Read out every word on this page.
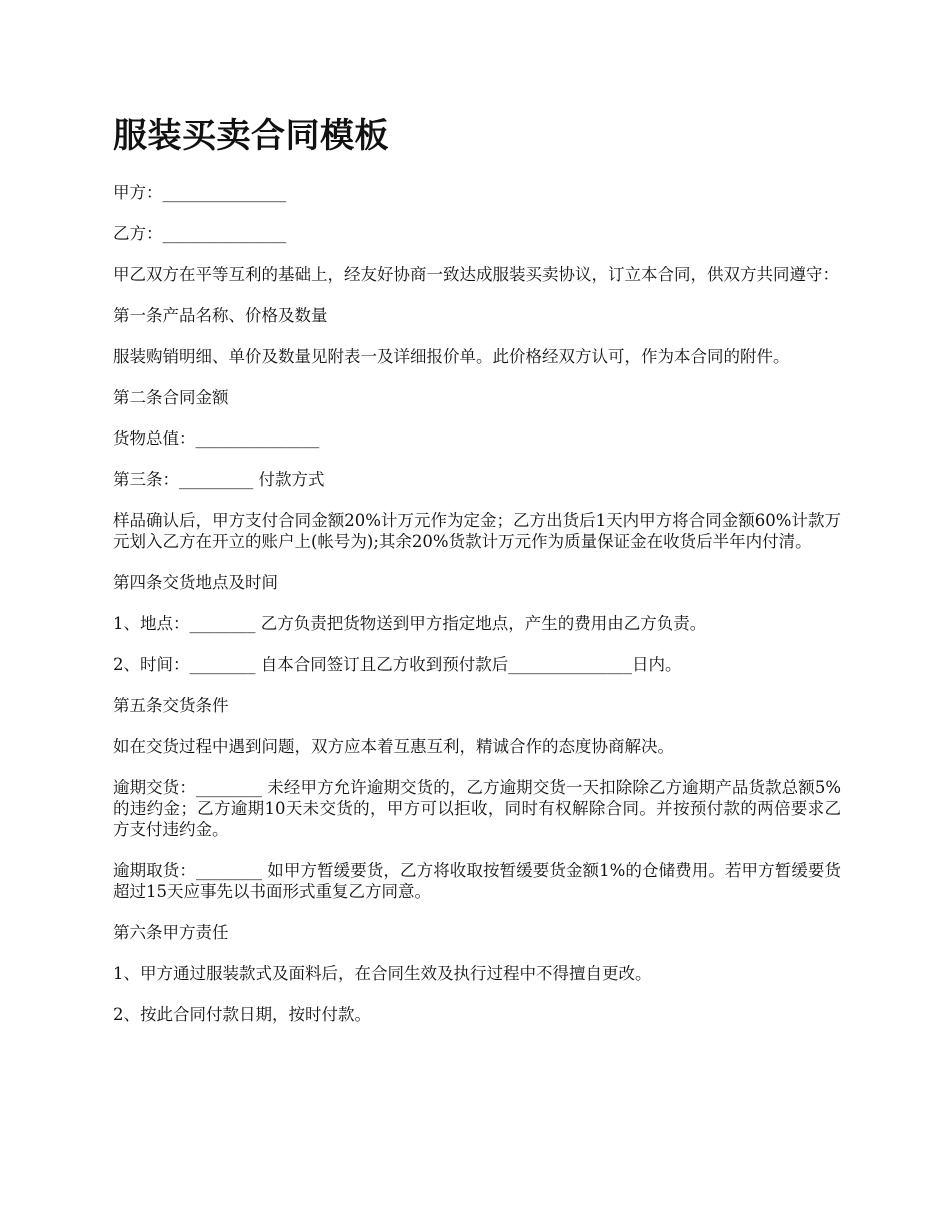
服装买卖合同模板

甲方：_______________

乙方：_______________

甲乙双方在平等互利的基础上，经友好协商一致达成服装买卖协议，订立本合同，供双方共同遵守：

第一条产品名称、价格及数量

服装购销明细、单价及数量见附表一及详细报价单。此价格经双方认可，作为本合同的附件。

第二条合同金额

货物总值：_______________

第三条：_________ 付款方式

样品确认后，甲方支付合同金额20%计万元作为定金；乙方出货后1天内甲方将合同金额60%计款万元划入乙方在开立的账户上(帐号为);其余20%货款计万元作为质量保证金在收货后半年内付清。

第四条交货地点及时间

1、地点：________ 乙方负责把货物送到甲方指定地点，产生的费用由乙方负责。

2、时间：________ 自本合同签订且乙方收到预付款后_______________日内。

第五条交货条件

如在交货过程中遇到问题，双方应本着互惠互利，精诚合作的态度协商解决。

逾期交货：________ 未经甲方允许逾期交货的，乙方逾期交货一天扣除除乙方逾期产品货款总额5%的违约金；乙方逾期10天未交货的，甲方可以拒收，同时有权解除合同。并按预付款的两倍要求乙方支付违约金。

逾期取货：________ 如甲方暂缓要货，乙方将收取按暂缓要货金额1%的仓储费用。若甲方暂缓要货超过15天应事先以书面形式重复乙方同意。

第六条甲方责任

1、甲方通过服装款式及面料后，在合同生效及执行过程中不得擅自更改。

2、按此合同付款日期，按时付款。
